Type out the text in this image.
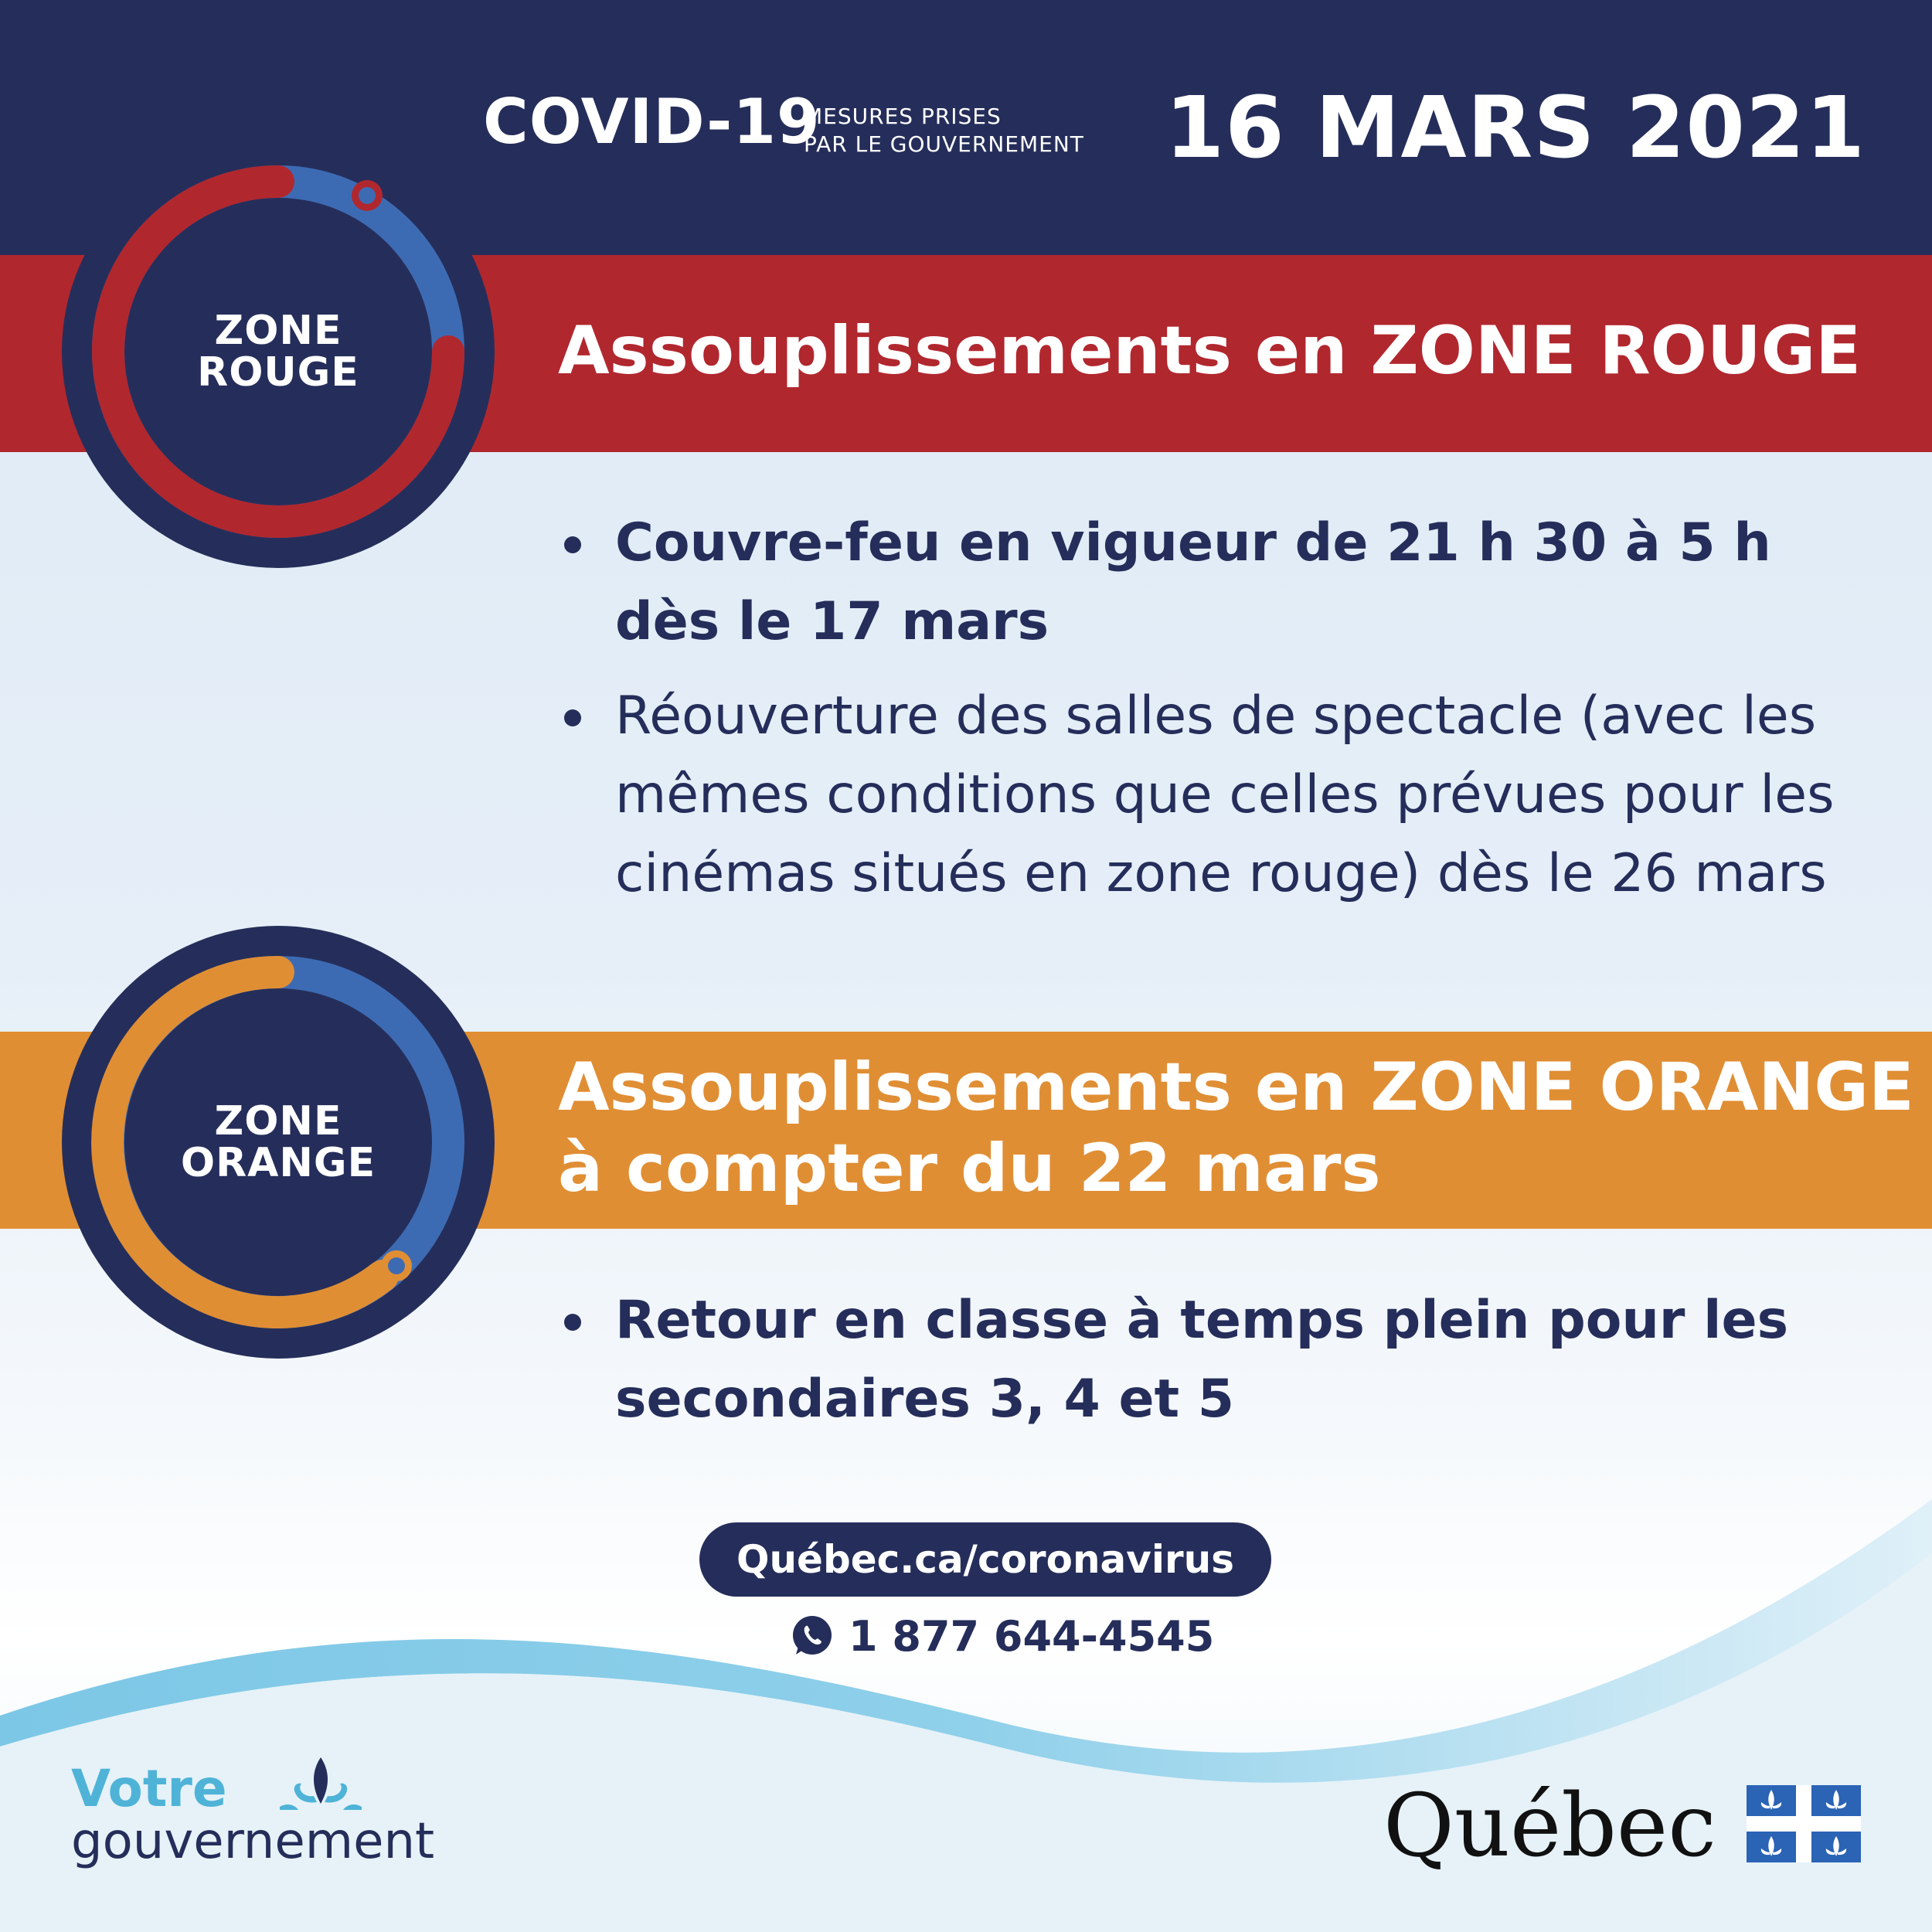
COVID-19
MESURES PRISES
PAR LE GOUVERNEMENT 16 MARS 2021
Assouplissements en ZONE ROUGE
Couvre-feu en vigueur de 21 h 30 à 5 h dès le 17 mars
Réouverture des salles de spectacle (avec les mêmes conditions que celles prévues pour les cinémas situés en zone rouge) dès le 26 mars
Assouplissements en ZONE ORANGE
à compter du 22 mars
Retour en classe à temps plein pour les secondaires 3, 4 et 5
ZONE
ROUGE
ZONE
ORANGE
Québec.ca/coronavirus
1 877 644-4545
Votre
gouvernement	Québec
